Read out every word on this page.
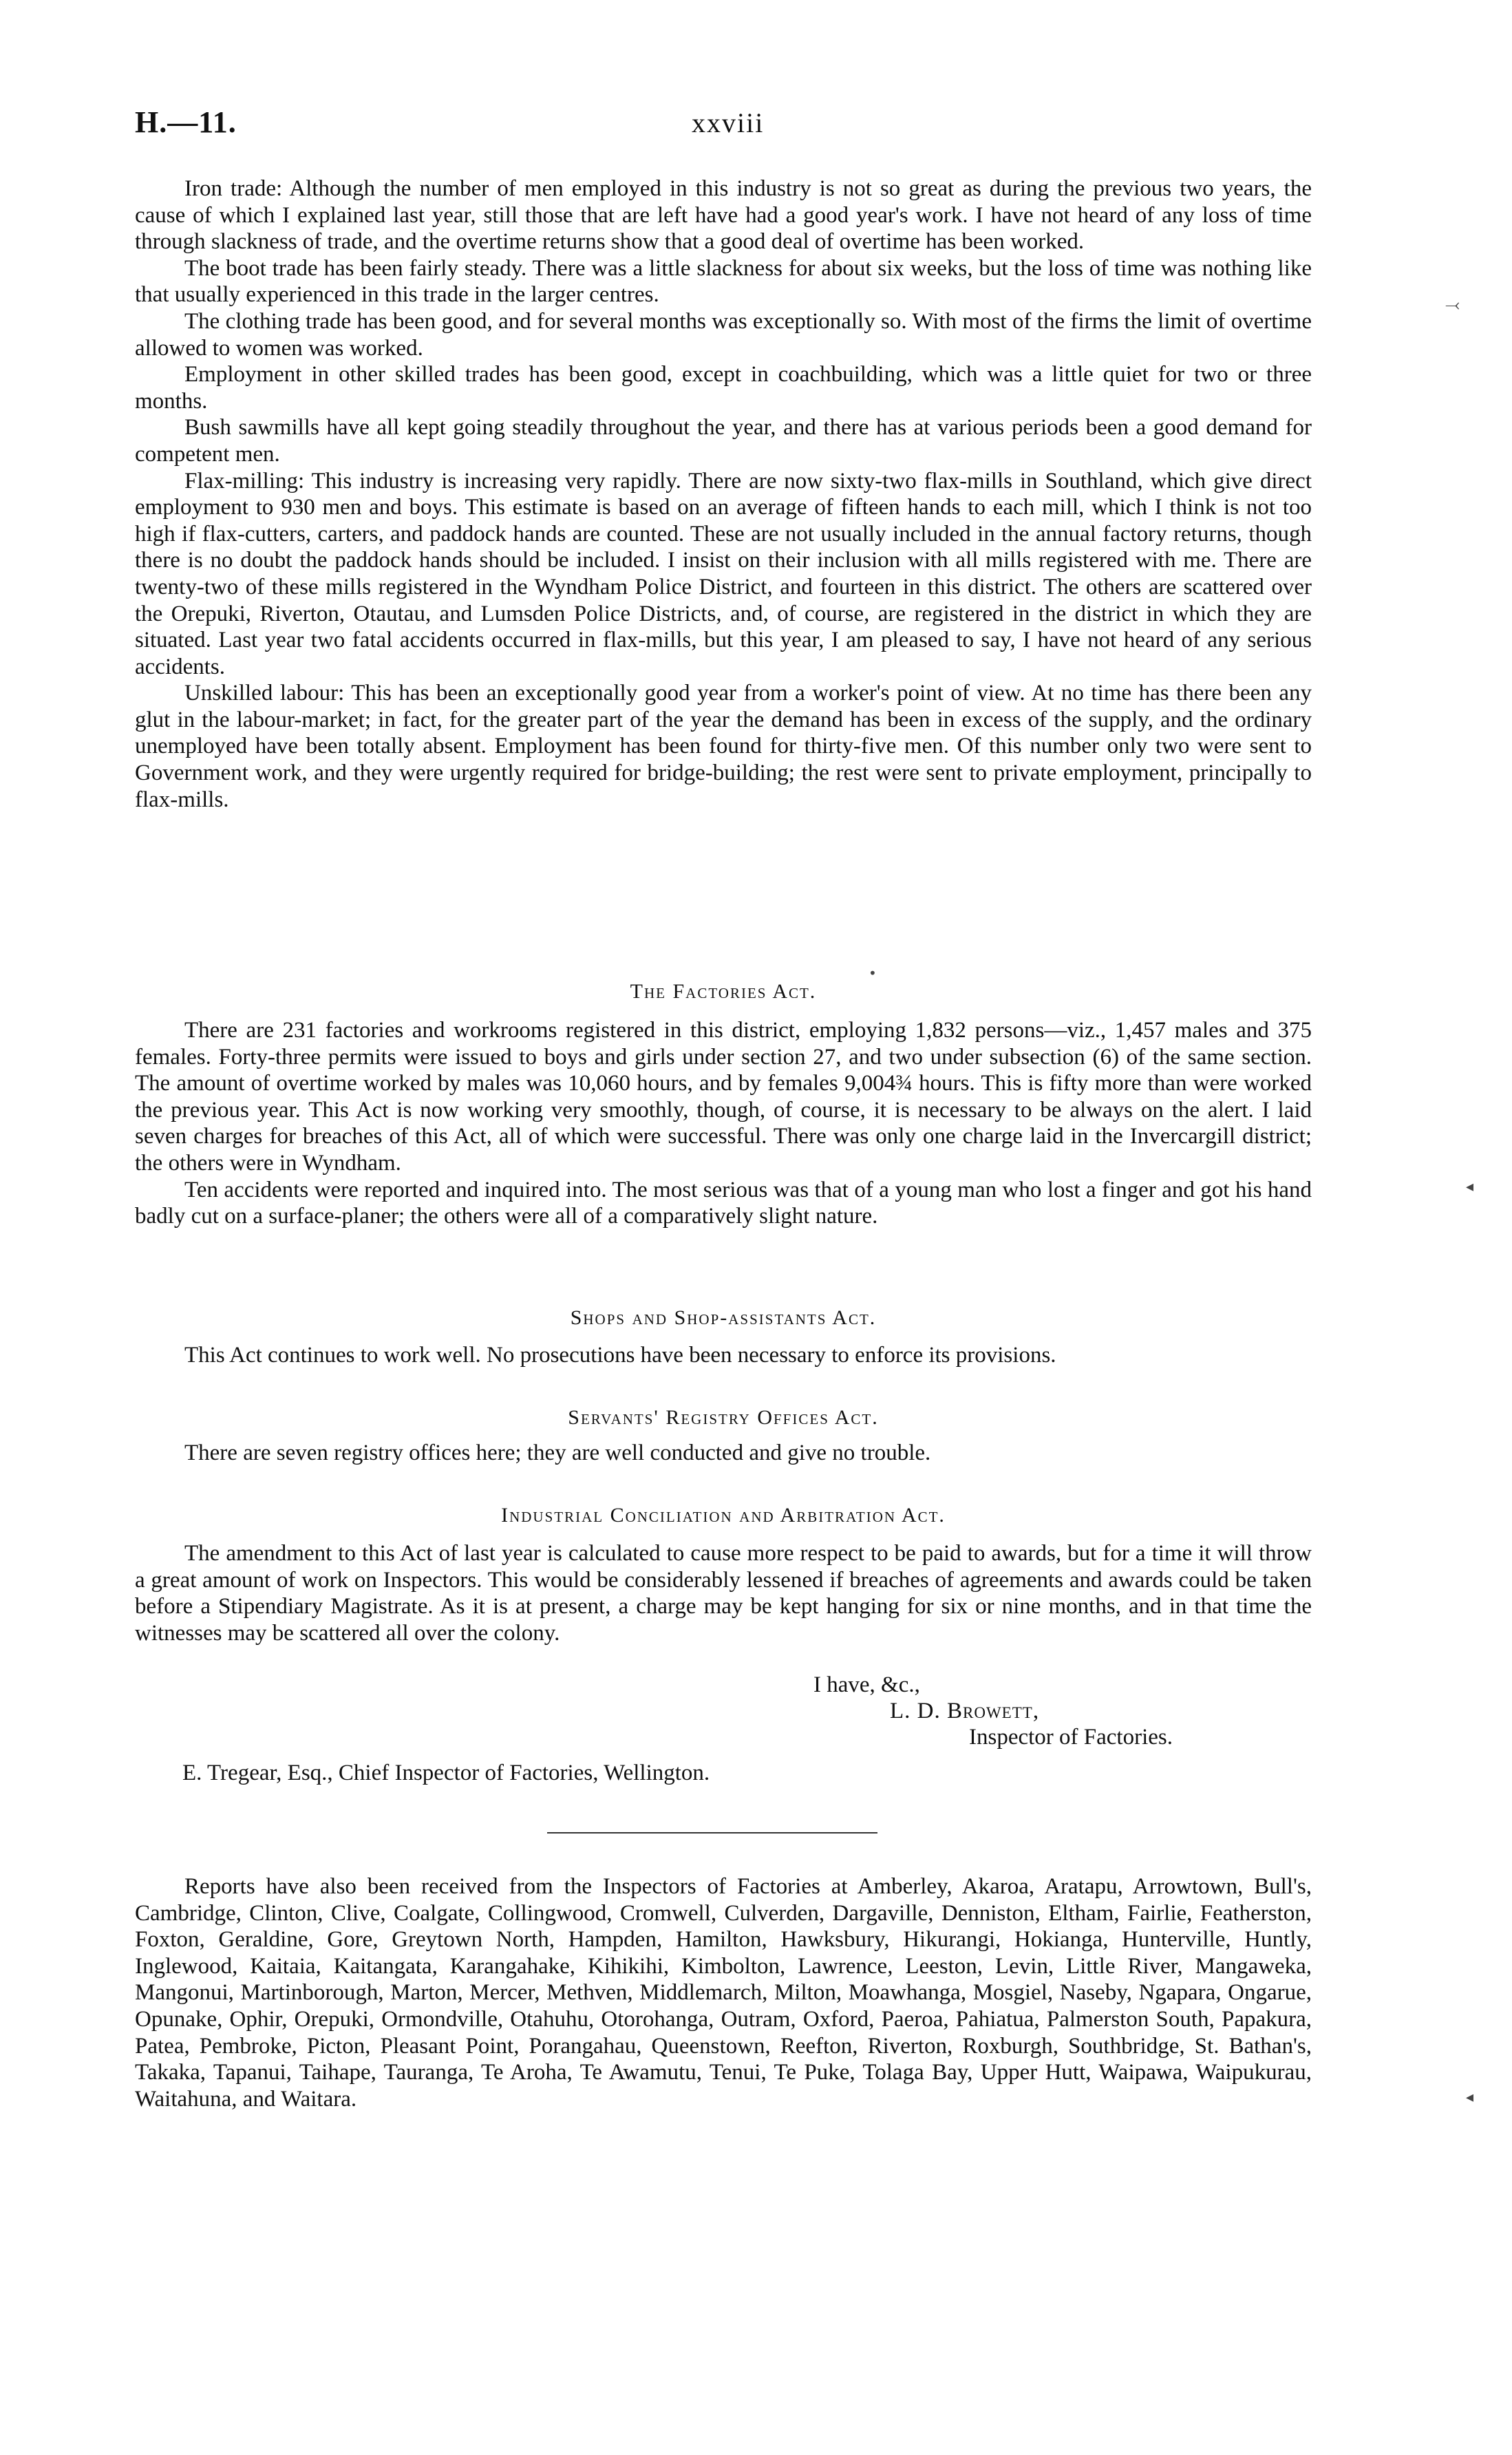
H.—11.	xxviii

Iron trade: Although the number of men employed in this industry is not so great as during the previous two years, the cause of which I explained last year, still those that are left have had a good year's work. I have not heard of any loss of time through slackness of trade, and the overtime returns show that a good deal of overtime has been worked.

The boot trade has been fairly steady. There was a little slackness for about six weeks, but the loss of time was nothing like that usually experienced in this trade in the larger centres.

The clothing trade has been good, and for several months was exceptionally so. With most of the firms the limit of overtime allowed to women was worked.

Employment in other skilled trades has been good, except in coachbuilding, which was a little quiet for two or three months.

Bush sawmills have all kept going steadily throughout the year, and there has at various periods been a good demand for competent men.

Flax-milling: This industry is increasing very rapidly. There are now sixty-two flax-mills in Southland, which give direct employment to 930 men and boys. This estimate is based on an average of fifteen hands to each mill, which I think is not too high if flax-cutters, carters, and paddock hands are counted. These are not usually included in the annual factory returns, though there is no doubt the paddock hands should be included. I insist on their inclusion with all mills registered with me. There are twenty-two of these mills registered in the Wyndham Police District, and fourteen in this district. The others are scattered over the Orepuki, Riverton, Otautau, and Lumsden Police Districts, and, of course, are registered in the district in which they are situated. Last year two fatal accidents occurred in flax-mills, but this year, I am pleased to say, I have not heard of any serious accidents.

Unskilled labour: This has been an exceptionally good year from a worker's point of view. At no time has there been any glut in the labour-market; in fact, for the greater part of the year the demand has been in excess of the supply, and the ordinary unemployed have been totally absent. Employment has been found for thirty-five men. Of this number only two were sent to Government work, and they were urgently required for bridge-building; the rest were sent to private employment, principally to flax-mills.

•
The Factories Act.

There are 231 factories and workrooms registered in this district, employing 1,832 persons—viz., 1,457 males and 375 females. Forty-three permits were issued to boys and girls under section 27, and two under subsection (6) of the same section. The amount of overtime worked by males was 10,060 hours, and by females 9,004¾ hours. This is fifty more than were worked the previous year. This Act is now working very smoothly, though, of course, it is necessary to be always on the alert. I laid seven charges for breaches of this Act, all of which were successful. There was only one charge laid in the Invercargill district; the others were in Wyndham.

Ten accidents were reported and inquired into. The most serious was that of a young man who lost a finger and got his hand badly cut on a surface-planer; the others were all of a comparatively slight nature.

Shops and Shop-assistants Act.

This Act continues to work well. No prosecutions have been necessary to enforce its provisions.

Servants' Registry Offices Act.

There are seven registry offices here; they are well conducted and give no trouble.

Industrial Conciliation and Arbitration Act.

The amendment to this Act of last year is calculated to cause more respect to be paid to awards, but for a time it will throw a great amount of work on Inspectors. This would be considerably lessened if breaches of agreements and awards could be taken before a Stipendiary Magistrate. As it is at present, a charge may be kept hanging for six or nine months, and in that time the witnesses may be scattered all over the colony.

I have, &c.,
L. D. Browett,
Inspector of Factories.
E. Tregear, Esq., Chief Inspector of Factories, Wellington.

Reports have also been received from the Inspectors of Factories at Amberley, Akaroa, Aratapu, Arrowtown, Bull's, Cambridge, Clinton, Clive, Coalgate, Collingwood, Cromwell, Culverden, Dargaville, Denniston, Eltham, Fairlie, Featherston, Foxton, Geraldine, Gore, Greytown North, Hampden, Hamilton, Hawksbury, Hikurangi, Hokianga, Hunterville, Huntly, Inglewood, Kaitaia, Kaitangata, Karangahake, Kihikihi, Kimbolton, Lawrence, Leeston, Levin, Little River, Mangaweka, Mangonui, Martinborough, Marton, Mercer, Methven, Middlemarch, Milton, Moawhanga, Mosgiel, Naseby, Ngapara, Ongarue, Opunake, Ophir, Orepuki, Ormondville, Otahuhu, Otorohanga, Outram, Oxford, Paeroa, Pahiatua, Palmerston South, Papakura, Patea, Pembroke, Picton, Pleasant Point, Porangahau, Queenstown, Reefton, Riverton, Roxburgh, Southbridge, St. Bathan's, Takaka, Tapanui, Taihape, Tauranga, Te Aroha, Te Awamutu, Tenui, Te Puke, Tolaga Bay, Upper Hutt, Waipawa, Waipukurau, Waitahuna, and Waitara.

⤙
◂
◂
